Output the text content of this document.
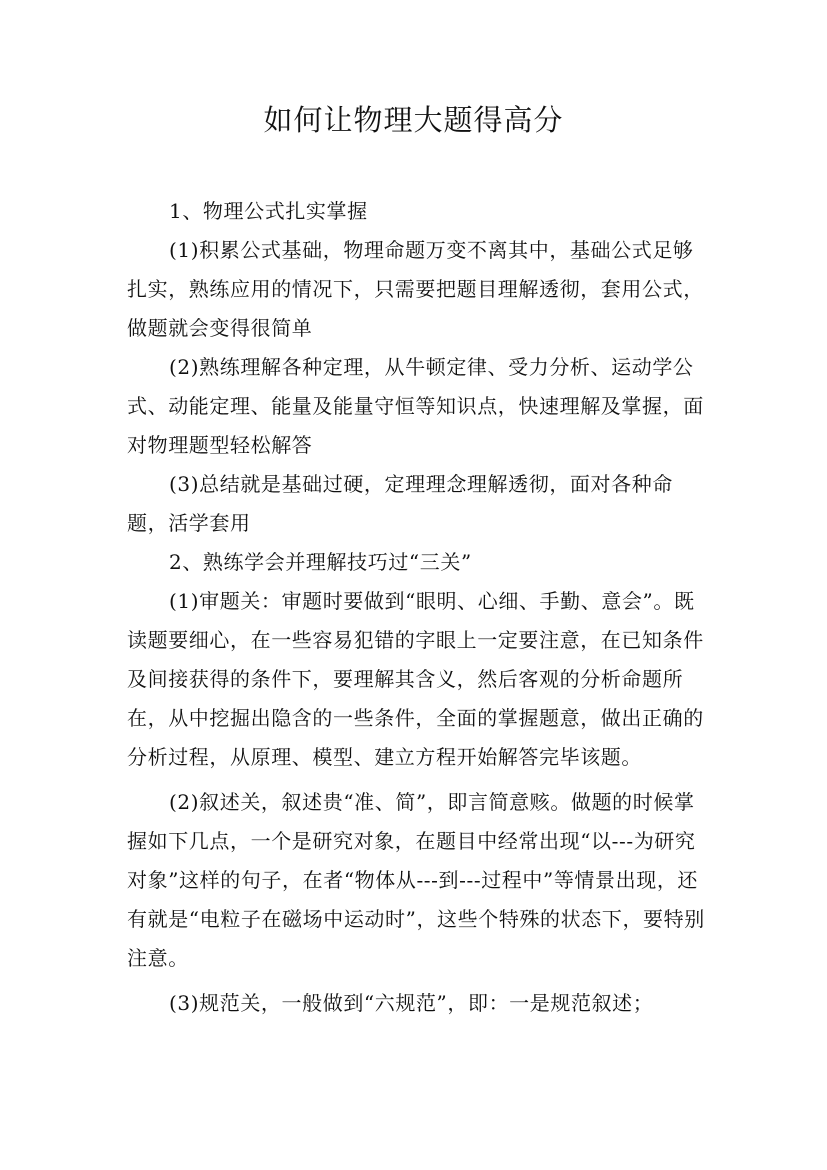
如何让物理大题得高分

1、物理公式扎实掌握

(1)积累公式基础，物理命题万变不离其中，基础公式足够扎实，熟练应用的情况下，只需要把题目理解透彻，套用公式，做题就会变得很简单

(2)熟练理解各种定理，从牛顿定律、受力分析、运动学公式、动能定理、能量及能量守恒等知识点，快速理解及掌握，面对物理题型轻松解答

(3)总结就是基础过硬，定理理念理解透彻，面对各种命题，活学套用

2、熟练学会并理解技巧过“三关”

(1)审题关：审题时要做到“眼明、心细、手勤、意会”。既读题要细心，在一些容易犯错的字眼上一定要注意，在已知条件及间接获得的条件下，要理解其含义，然后客观的分析命题所在，从中挖掘出隐含的一些条件，全面的掌握题意，做出正确的分析过程，从原理、模型、建立方程开始解答完毕该题。

(2)叙述关，叙述贵“准、简”，即言简意赅。做题的时候掌握如下几点，一个是研究对象，在题目中经常出现“以---为研究对象”这样的句子，在者“物体从---到---过程中”等情景出现，还有就是“电粒子在磁场中运动时”，这些个特殊的状态下，要特别注意。

(3)规范关，一般做到“六规范”，即：一是规范叙述；
